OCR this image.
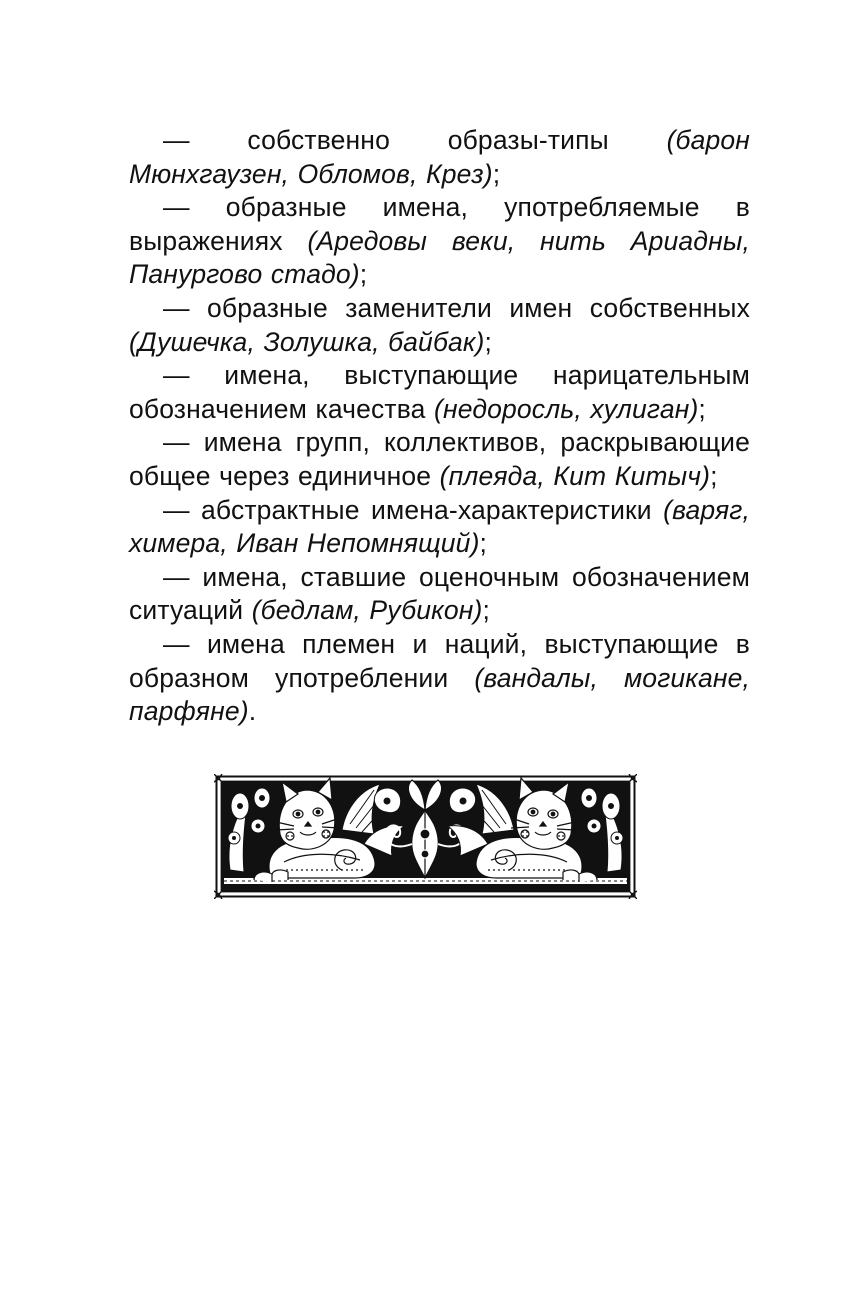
— собственно образы-типы (барон Мюнхгаузен, Обломов, Крез);

— образные имена, употребляемые в выражениях (Аредовы веки, нить Ариадны, Панургово стадо);

— образные заменители имен собственных (Душечка, Золушка, байбак);

— имена, выступающие нарицательным обозначением качества (недоросль, хулиган);

— имена групп, коллективов, раскрывающие общее через единичное (плеяда, Кит Китыч);

— абстрактные имена-характеристики (варяг, химера, Иван Непомнящий);

— имена, ставшие оценочным обозначением ситуаций (бедлам, Рубикон);

— имена племен и наций, выступающие в образном употреблении (вандалы, могикане, парфяне).
